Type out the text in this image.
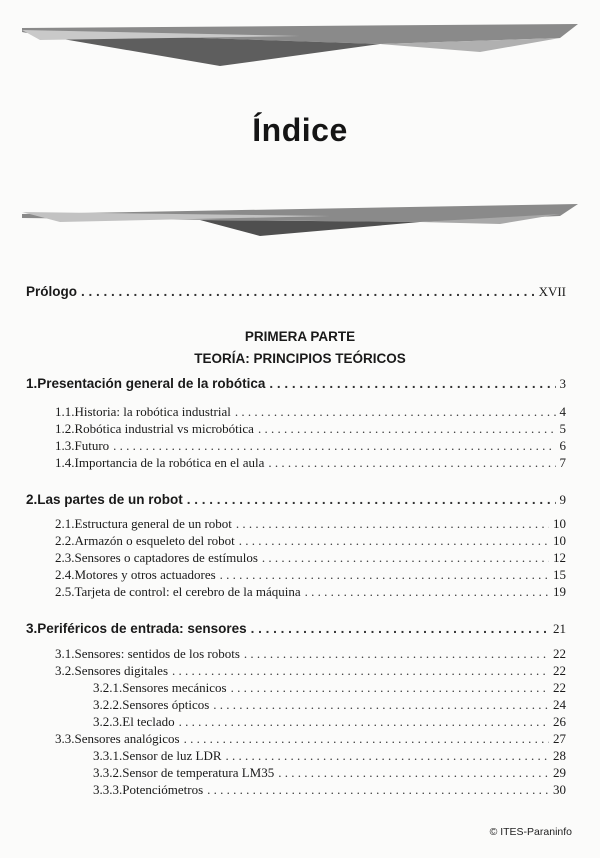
Índice
Prólogo . . .	XVII
PRIMERA PARTE
TEORÍA: PRINCIPIOS TEÓRICOS
1. Presentación general de la robótica . . .	3
1.1. Historia: la robótica industrial . . .	4
1.2. Robótica industrial vs microbótica . . .	5
1.3. Futuro . . .	6
1.4. Importancia de la robótica en el aula . . .	7
2. Las partes de un robot . . .	9
2.1. Estructura general de un robot . . .	10
2.2. Armazón o esqueleto del robot . . .	10
2.3. Sensores o captadores de estímulos . . .	12
2.4. Motores y otros actuadores . . .	15
2.5. Tarjeta de control: el cerebro de la máquina . . .	19
3. Periféricos de entrada: sensores . . .	21
3.1. Sensores: sentidos de los robots . . .	22
3.2. Sensores digitales . . .	22
3.2.1. Sensores mecánicos . . .	22
3.2.2. Sensores ópticos . . .	24
3.2.3. El teclado . . .	26
3.3. Sensores analógicos . . .	27
3.3.1. Sensor de luz LDR . . .	28
3.3.2. Sensor de temperatura LM35 . . .	29
3.3.3. Potenciómetros . . .	30
© ITES-Paraninfo
